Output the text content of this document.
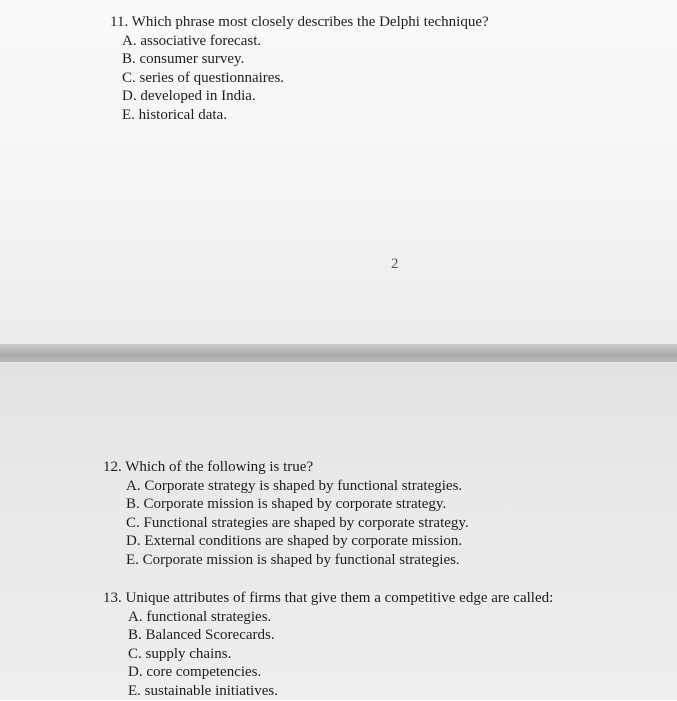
11. Which phrase most closely describes the Delphi technique?
A. associative forecast.
B. consumer survey.
C. series of questionnaires.
D. developed in India.
E. historical data.
2
12. Which of the following is true?
A. Corporate strategy is shaped by functional strategies.
B. Corporate mission is shaped by corporate strategy.
C. Functional strategies are shaped by corporate strategy.
D. External conditions are shaped by corporate mission.
E. Corporate mission is shaped by functional strategies.
13. Unique attributes of firms that give them a competitive edge are called:
A. functional strategies.
B. Balanced Scorecards.
C. supply chains.
D. core competencies.
E. sustainable initiatives.
